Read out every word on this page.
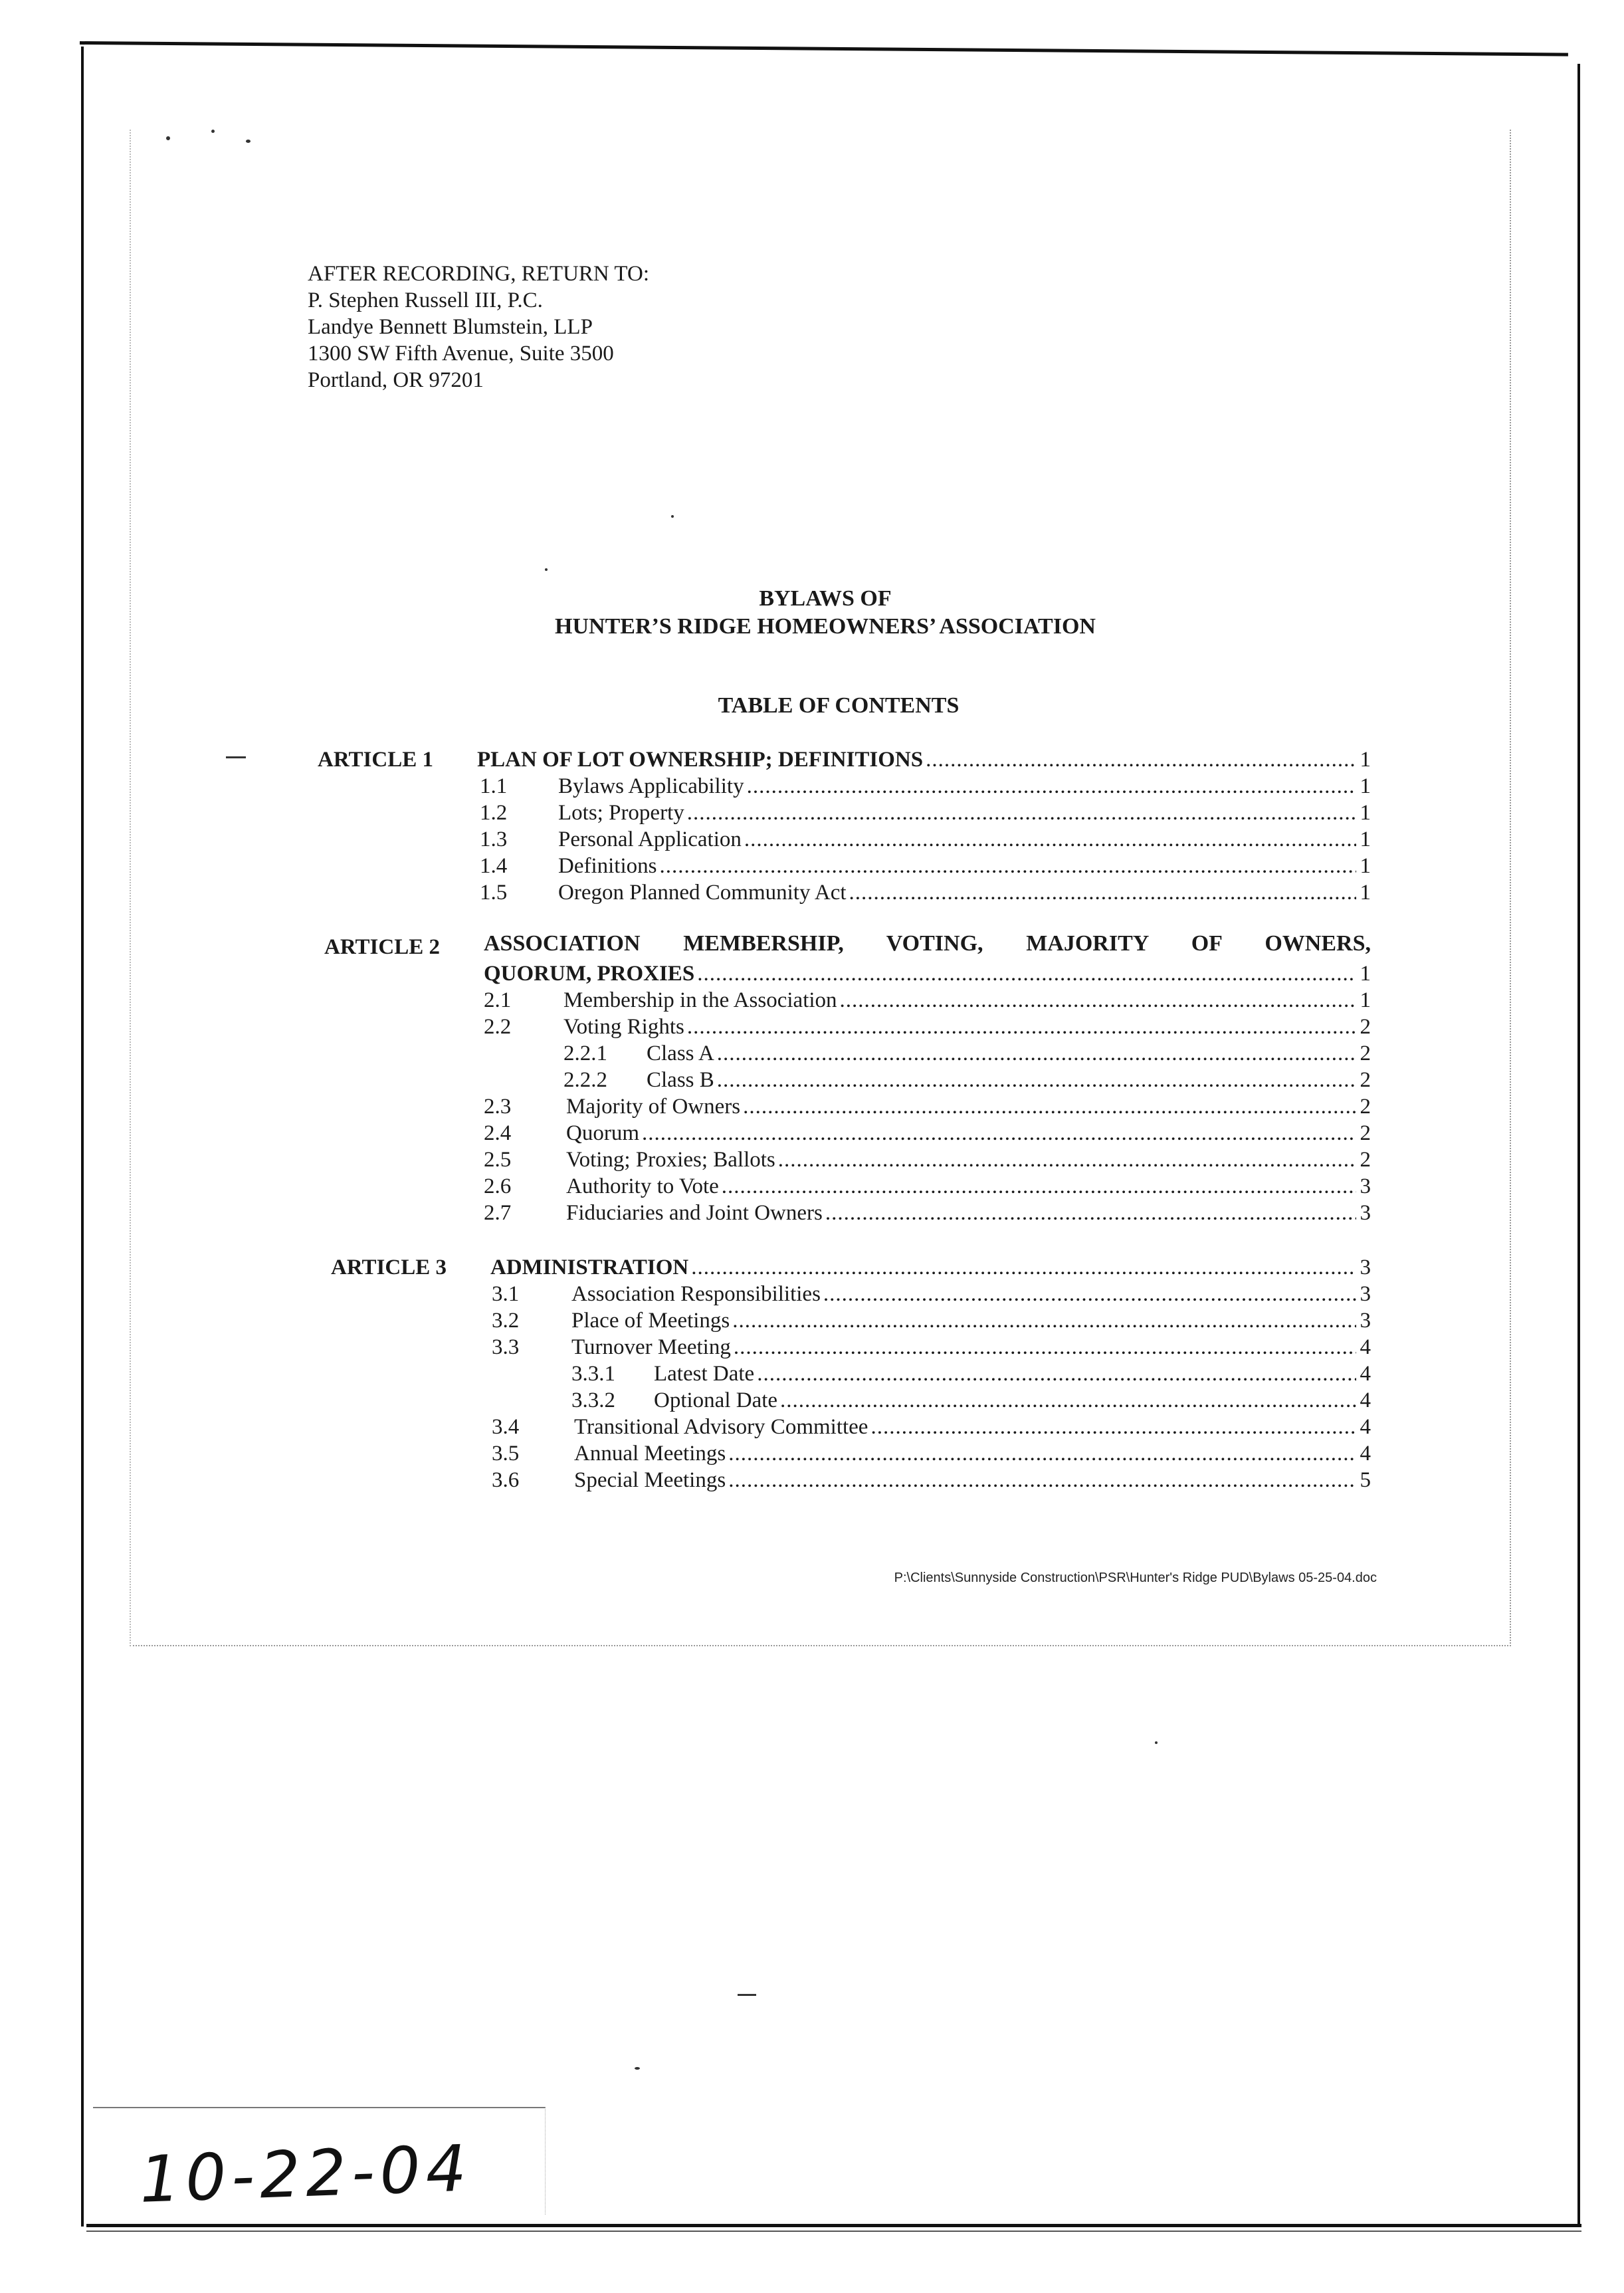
AFTER RECORDING, RETURN TO:
P. Stephen Russell III, P.C.
Landye Bennett Blumstein, LLP
1300 SW Fifth Avenue, Suite 3500
Portland, OR 97201
BYLAWS OF
HUNTER’S RIDGE HOMEOWNERS’ ASSOCIATION
TABLE OF CONTENTS
ARTICLE 1 PLAN OF LOT OWNERSHIP; DEFINITIONS .....	1
1.1	Bylaws Applicability .....	1
1.2	Lots; Property .....	1
1.3	Personal Application .....	1
1.4	Definitions .....	1
1.5	Oregon Planned Community Act .....	1
ARTICLE 2 ASSOCIATION MEMBERSHIP, VOTING, MAJORITY OF OWNERS,
QUORUM, PROXIES .....	1
2.1	Membership in the Association .....	1
2.2	Voting Rights .....	2
2.2.1	Class A .....	2
2.2.2	Class B .....	2
2.3	Majority of Owners .....	2
2.4	Quorum .....	2
2.5	Voting; Proxies; Ballots .....	2
2.6	Authority to Vote .....	3
2.7	Fiduciaries and Joint Owners .....	3
ARTICLE 3 ADMINISTRATION .....	3
3.1	Association Responsibilities .....	3
3.2	Place of Meetings .....	3
3.3	Turnover Meeting .....	4
3.3.1	Latest Date .....	4
3.3.2	Optional Date .....	4
3.4	Transitional Advisory Committee .....	4
3.5	Annual Meetings .....	4
3.6	Special Meetings .....	5
P:\Clients\Sunnyside Construction\PSR\Hunter's Ridge PUD\Bylaws 05-25-04.doc
10-22-04
